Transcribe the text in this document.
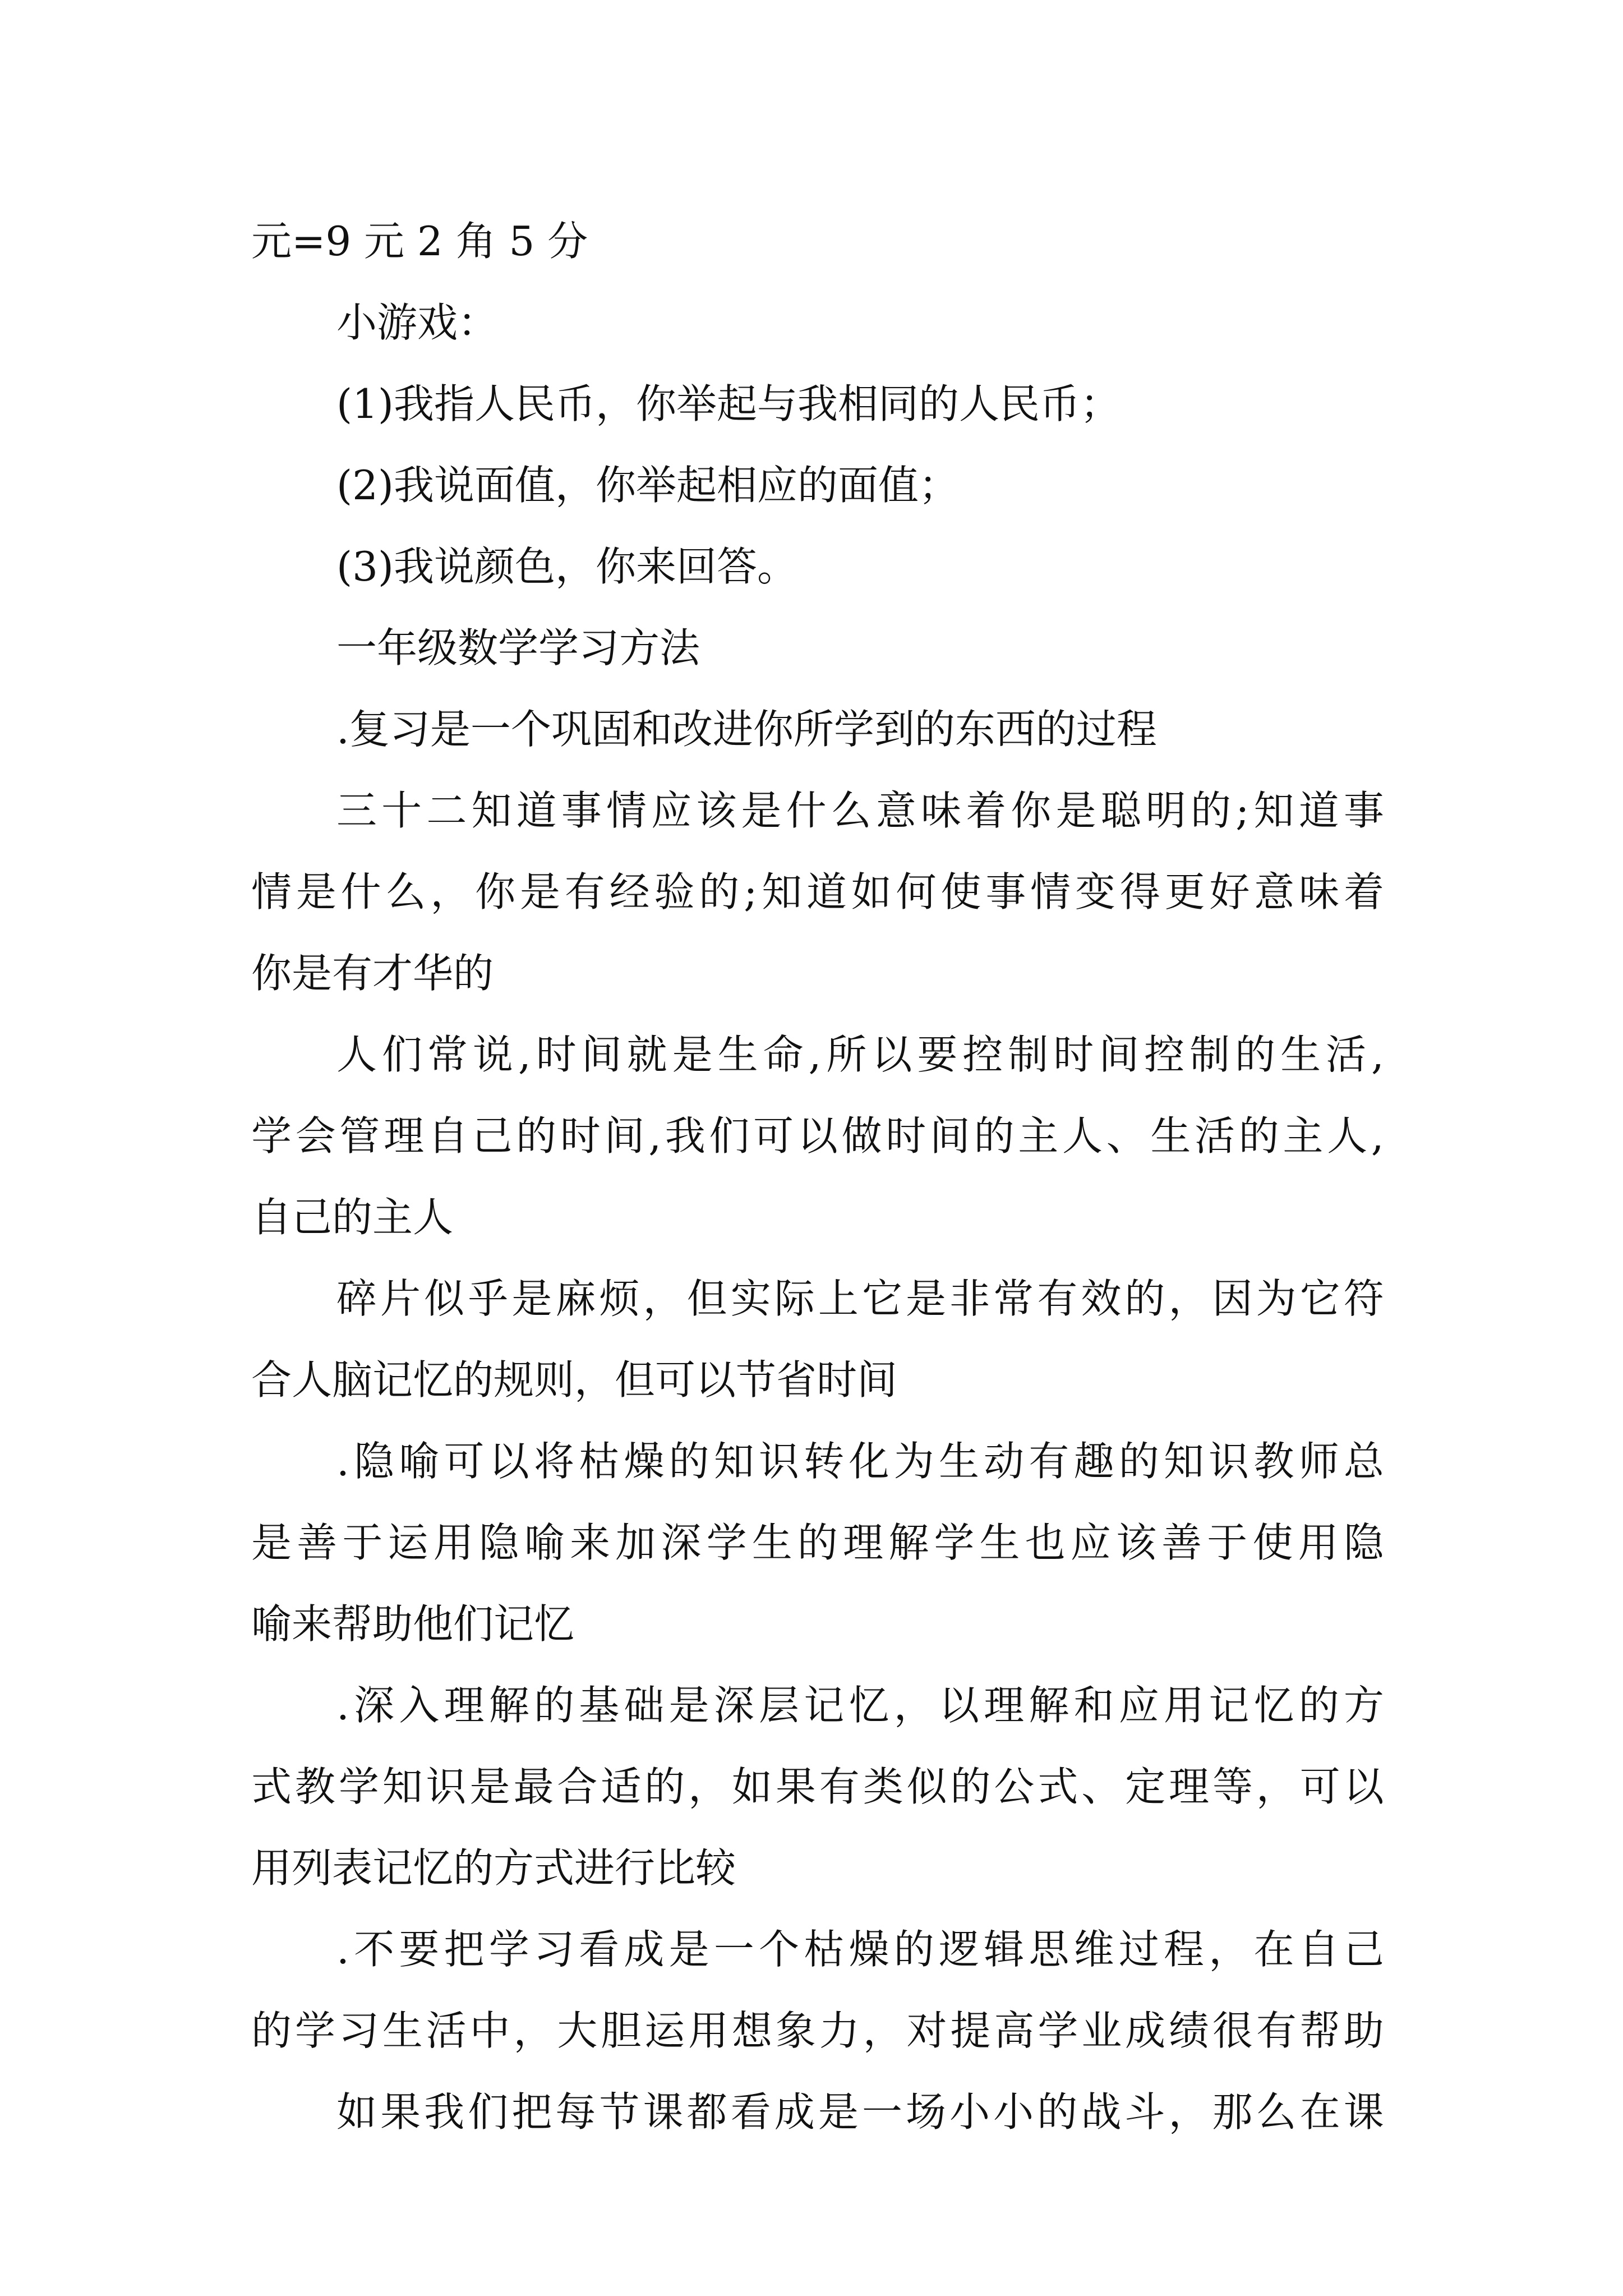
元=9 元 2 角 5 分
小游戏：
(1)我指人民币，你举起与我相同的人民币；
(2)我说面值，你举起相应的面值；
(3)我说颜色，你来回答。
一年级数学学习方法
.复习是一个巩固和改进你所学到的东西的过程
三 十 二 知 道 事 情 应 该 是 什 么 意 味 着 你 是 聪 明 的 ; 知 道 事
情 是 什 么 ， 你 是 有 经 验 的 ; 知 道 如 何 使 事 情 变 得 更 好 意 味 着
你是有才华的
人 们 常 说 , 时 间 就 是 生 命 , 所 以 要 控 制 时 间 控 制 的 生 活 ,
学 会 管 理 自 己 的 时 间 , 我 们 可 以 做 时 间 的 主 人 、 生 活 的 主 人 ,
自己的主人
碎 片 似 乎 是 麻 烦 ， 但 实 际 上 它 是 非 常 有 效 的 ， 因 为 它 符
合人脑记忆的规则，但可以节省时间
. 隐 喻 可 以 将 枯 燥 的 知 识 转 化 为 生 动 有 趣 的 知 识 教 师 总
是 善 于 运 用 隐 喻 来 加 深 学 生 的 理 解 学 生 也 应 该 善 于 使 用 隐
喻来帮助他们记忆
. 深 入 理 解 的 基 础 是 深 层 记 忆 ， 以 理 解 和 应 用 记 忆 的 方
式 教 学 知 识 是 最 合 适 的 ， 如 果 有 类 似 的 公 式 、 定 理 等 ， 可 以
用列表记忆的方式进行比较
. 不 要 把 学 习 看 成 是 一 个 枯 燥 的 逻 辑 思 维 过 程 ， 在 自 己
的 学 习 生 活 中 ， 大 胆 运 用 想 象 力 ， 对 提 高 学 业 成 绩 很 有 帮 助
如 果 我 们 把 每 节 课 都 看 成 是 一 场 小 小 的 战 斗 ， 那 么 在 课
